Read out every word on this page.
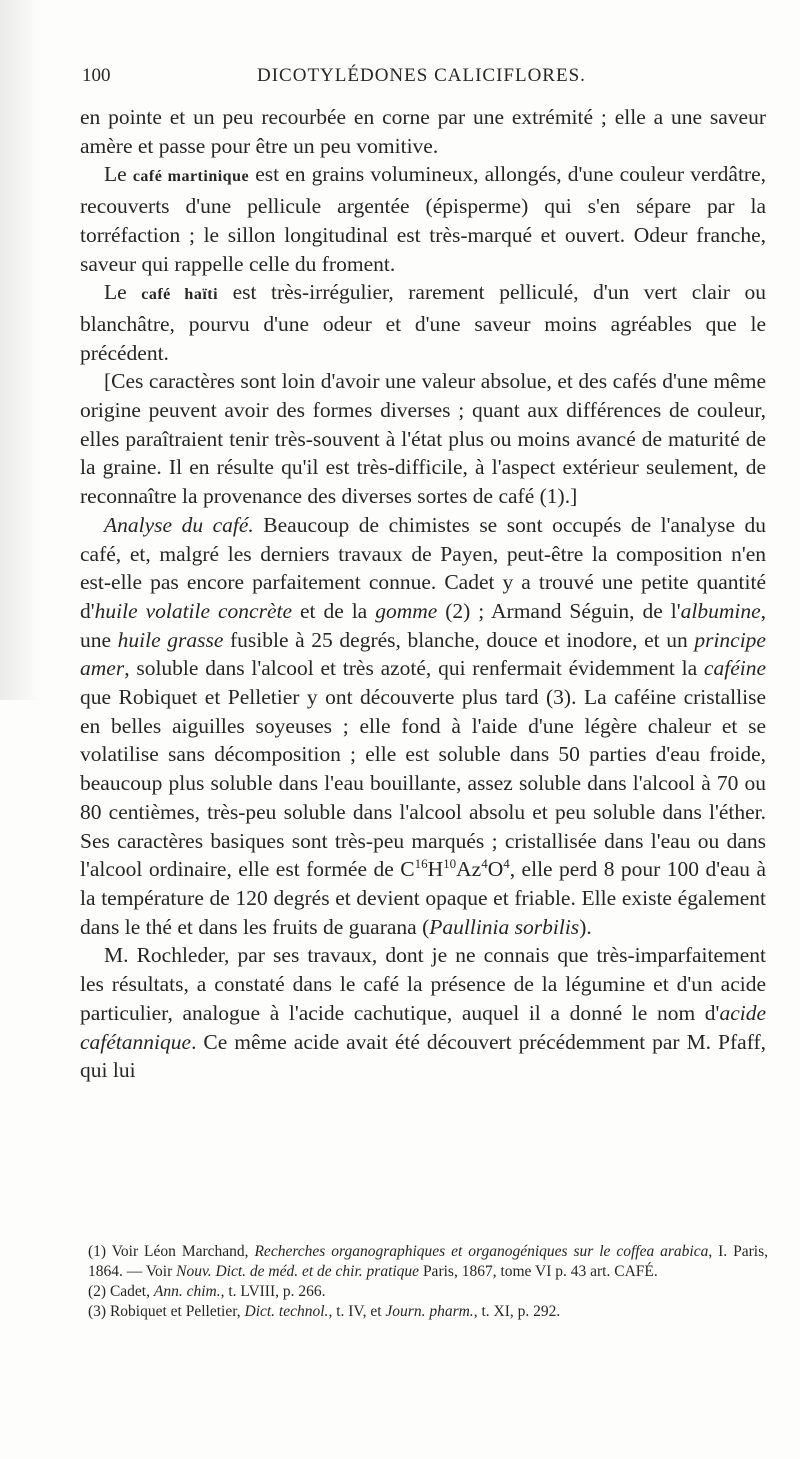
100	DICOTYLÉDONES CALICIFLORES.

en pointe et un peu recourbée en corne par une extrémité ; elle a une saveur amère et passe pour être un peu vomitive.

Le café martinique est en grains volumineux, allongés, d'une couleur verdâtre, recouverts d'une pellicule argentée (épisperme) qui s'en sépare par la torréfaction ; le sillon longitudinal est très-marqué et ouvert. Odeur franche, saveur qui rappelle celle du froment.

Le café haïti est très-irrégulier, rarement pelliculé, d'un vert clair ou blanchâtre, pourvu d'une odeur et d'une saveur moins agréables que le précédent.

[Ces caractères sont loin d'avoir une valeur absolue, et des cafés d'une même origine peuvent avoir des formes diverses ; quant aux différences de couleur, elles paraîtraient tenir très-souvent à l'état plus ou moins avancé de maturité de la graine. Il en résulte qu'il est très-difficile, à l'aspect extérieur seulement, de reconnaître la provenance des diverses sortes de café (1).]

Analyse du café. Beaucoup de chimistes se sont occupés de l'analyse du café, et, malgré les derniers travaux de Payen, peut-être la composition n'en est-elle pas encore parfaitement connue. Cadet y a trouvé une petite quantité d'huile volatile concrète et de la gomme (2) ; Armand Séguin, de l'albumine, une huile grasse fusible à 25 degrés, blanche, douce et inodore, et un principe amer, soluble dans l'alcool et très azoté, qui renfermait évidemment la caféine que Robiquet et Pelletier y ont découverte plus tard (3). La caféine cristallise en belles aiguilles soyeuses ; elle fond à l'aide d'une légère chaleur et se volatilise sans décomposition ; elle est soluble dans 50 parties d'eau froide, beaucoup plus soluble dans l'eau bouillante, assez soluble dans l'alcool à 70 ou 80 centièmes, très-peu soluble dans l'alcool absolu et peu soluble dans l'éther. Ses caractères basiques sont très-peu marqués ; cristallisée dans l'eau ou dans l'alcool ordinaire, elle est formée de $C^{16}H^{10}Az^4O^4$, elle perd 8 pour 100 d'eau à la température de 120 degrés et devient opaque et friable. Elle existe également dans le thé et dans les fruits de guarana (Paullinia sorbilis).

M. Rochleder, par ses travaux, dont je ne connais que très-imparfaitement les résultats, a constaté dans le café la présence de la légumine et d'un acide particulier, analogue à l'acide cachutique, auquel il a donné le nom d'acide cafétannique. Ce même acide avait été découvert précédemment par M. Pfaff, qui lui

(1) Voir Léon Marchand, Recherches organographiques et organogéniques sur le coffea arabica, I. Paris, 1864. — Voir Nouv. Dict. de méd. et de chir. pratique Paris, 1867, tome VI p. 43 art. CAFÉ.

(2) Cadet, Ann. chim., t. LVIII, p. 266.

(3) Robiquet et Pelletier, Dict. technol., t. IV, et Journ. pharm., t. XI, p. 292.
